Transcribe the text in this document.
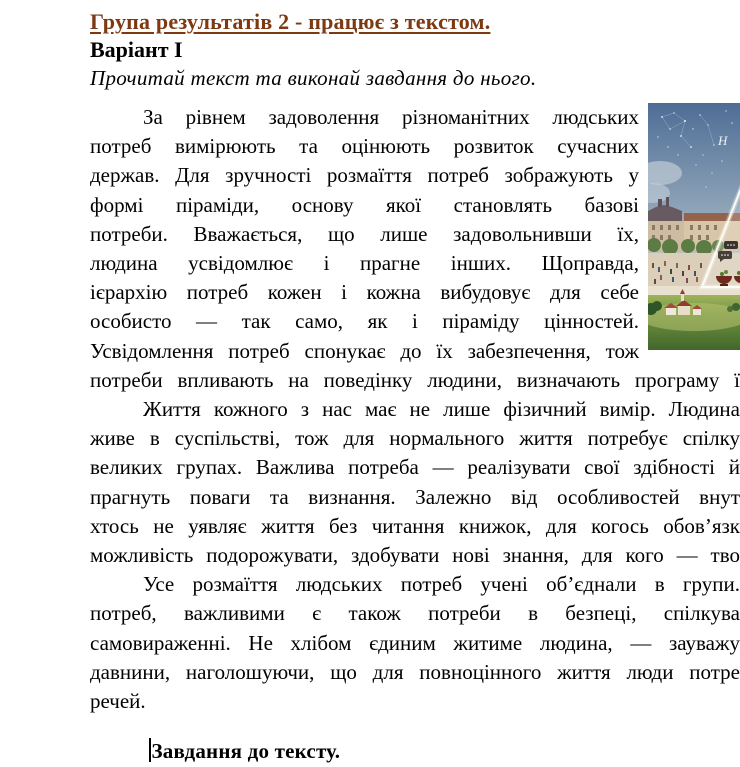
Група результатів 2 - працює з текстом.
Варіант І
Прочитай текст та виконай завдання до нього.
За рівнем задоволення різноманітних людських
потреб вимірюють та оцінюють розвиток сучасних
держав. Для зручності розмаїття потреб зображують у
формі піраміди, основу якої становлять базові
потреби. Вважається, що лише задовольнивши їх,
людина усвідомлює і прагне інших. Щоправда,
ієрархію потреб кожен і кожна вибудовує для себе
особисто — так само, як і піраміду цінностей.
Усвідомлення потреб спонукає до їх забезпечення, тож
потреби впливають на поведінку людини, визначають програму ї
Життя кожного з нас має не лише фізичний вимір. Людина
живе в суспільстві, тож для нормального життя потребує спілку
великих групах. Важлива потреба — реалізувати свої здібності й
прагнуть поваги та визнання. Залежно від особливостей внут
хтось не уявляє життя без читання книжок, для когось обов’язк
можливість подорожувати, здобувати нові знання, для кого — тво
Усе розмаїття людських потреб учені об’єднали в групи.
потреб, важливими є також потреби в безпеці, спілкува
самовираженні. Не хлібом єдиним житиме людина, — зауважу
давнини, наголошуючи, що для повноцінного життя люди потре
речей.
Завдання до тексту.
Н
